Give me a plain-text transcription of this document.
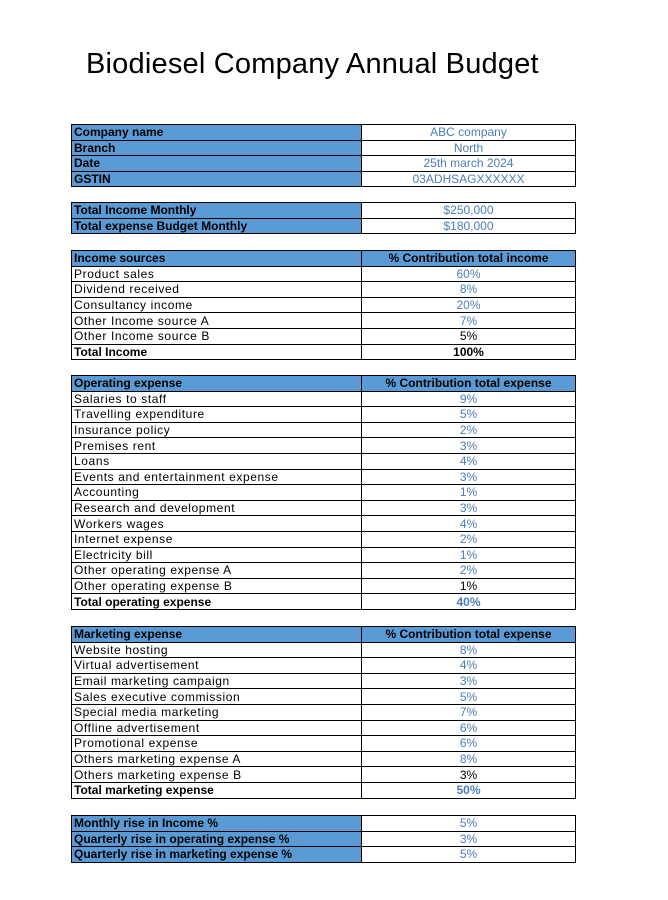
Biodiesel Company Annual Budget
Company name	ABC company
Branch	North
Date	25th march 2024
GSTIN	03ADHSAGXXXXXX
Total Income Monthly	$250,000
Total expense Budget Monthly	$180,000
Income sources	% Contribution total income
Product sales	60%
Dividend received	8%
Consultancy income	20%
Other Income source A	7%
Other Income source B	5%
Total Income	100%
Operating expense	% Contribution total expense
Salaries to staff	9%
Travelling expenditure	5%
Insurance policy	2%
Premises rent	3%
Loans	4%
Events and entertainment expense	3%
Accounting	1%
Research and development	3%
Workers wages	4%
Internet expense	2%
Electricity bill	1%
Other operating expense A	2%
Other operating expense B	1%
Total operating expense	40%
Marketing expense	% Contribution total expense
Website hosting	8%
Virtual advertisement	4%
Email marketing campaign	3%
Sales executive commission	5%
Special media marketing	7%
Offline advertisement	6%
Promotional expense	6%
Others marketing expense A	8%
Others marketing expense B	3%
Total marketing expense	50%
Monthly rise in Income %	5%
Quarterly rise in operating expense %	3%
Quarterly rise in marketing expense %	5%
